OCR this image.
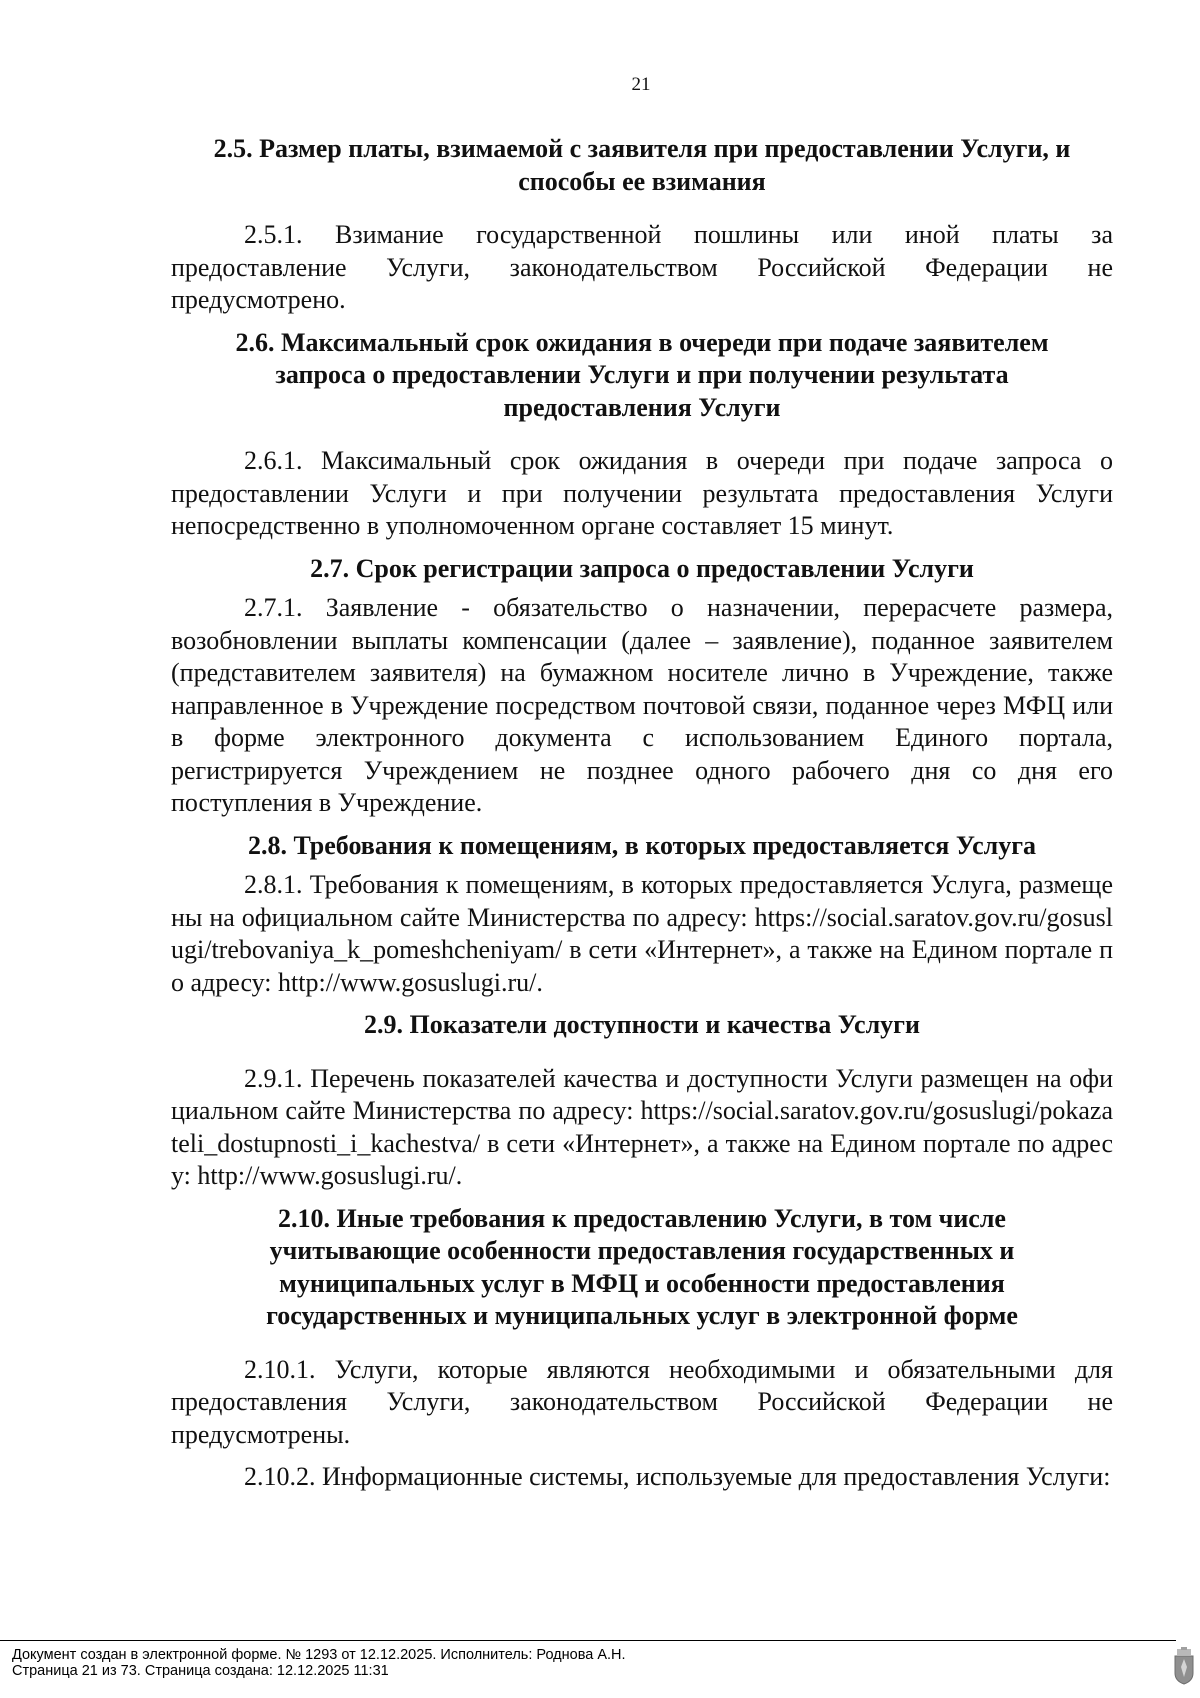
21

2.5. Размер платы, взимаемой с заявителя при предоставлении Услуги, и способы ее взимания

2.5.1. Взимание государственной пошлины или иной платы за предоставление Услуги, законодательством Российской Федерации не предусмотрено.

2.6. Максимальный срок ожидания в очереди при подаче заявителем запроса о предоставлении Услуги и при получении результата предоставления Услуги

2.6.1. Максимальный срок ожидания в очереди при подаче запроса о предоставлении Услуги и при получении результата предоставления Услуги непосредственно в уполномоченном органе составляет 15 минут.

2.7. Срок регистрации запроса о предоставлении Услуги

2.7.1. Заявление - обязательство о назначении, перерасчете размера, возобновлении выплаты компенсации (далее – заявление), поданное заявителем (представителем заявителя) на бумажном носителе лично в Учреждение, также направленное в Учреждение посредством почтовой связи, поданное через МФЦ или в форме электронного документа с использованием Единого портала, регистрируется Учреждением не позднее одного рабочего дня со дня его поступления в Учреждение.

2.8. Требования к помещениям, в которых предоставляется Услуга

2.8.1. Требования к помещениям, в которых предоставляется Услуга, размещены на официальном сайте Министерства по адресу: https://social.saratov.gov.ru/gosuslugi/trebovaniya_k_pomeshcheniyam/ в сети «Интернет», а также на Едином портале по адресу: http://www.gosuslugi.ru/.

2.9. Показатели доступности и качества Услуги

2.9.1. Перечень показателей качества и доступности Услуги размещен на официальном сайте Министерства по адресу: https://social.saratov.gov.ru/gosuslugi/pokazateli_dostupnosti_i_kachestva/ в сети «Интернет», а также на Едином портале по адресу: http://www.gosuslugi.ru/.

2.10. Иные требования к предоставлению Услуги, в том числе учитывающие особенности предоставления государственных и муниципальных услуг в МФЦ и особенности предоставления государственных и муниципальных услуг в электронной форме

2.10.1. Услуги, которые являются необходимыми и обязательными для предоставления Услуги, законодательством Российской Федерации не предусмотрены.

2.10.2. Информационные системы, используемые для предоставления Услуги:

Документ создан в электронной форме. № 1293 от 12.12.2025. Исполнитель: Роднова А.Н.
Страница 21 из 73. Страница создана: 12.12.2025 11:31
